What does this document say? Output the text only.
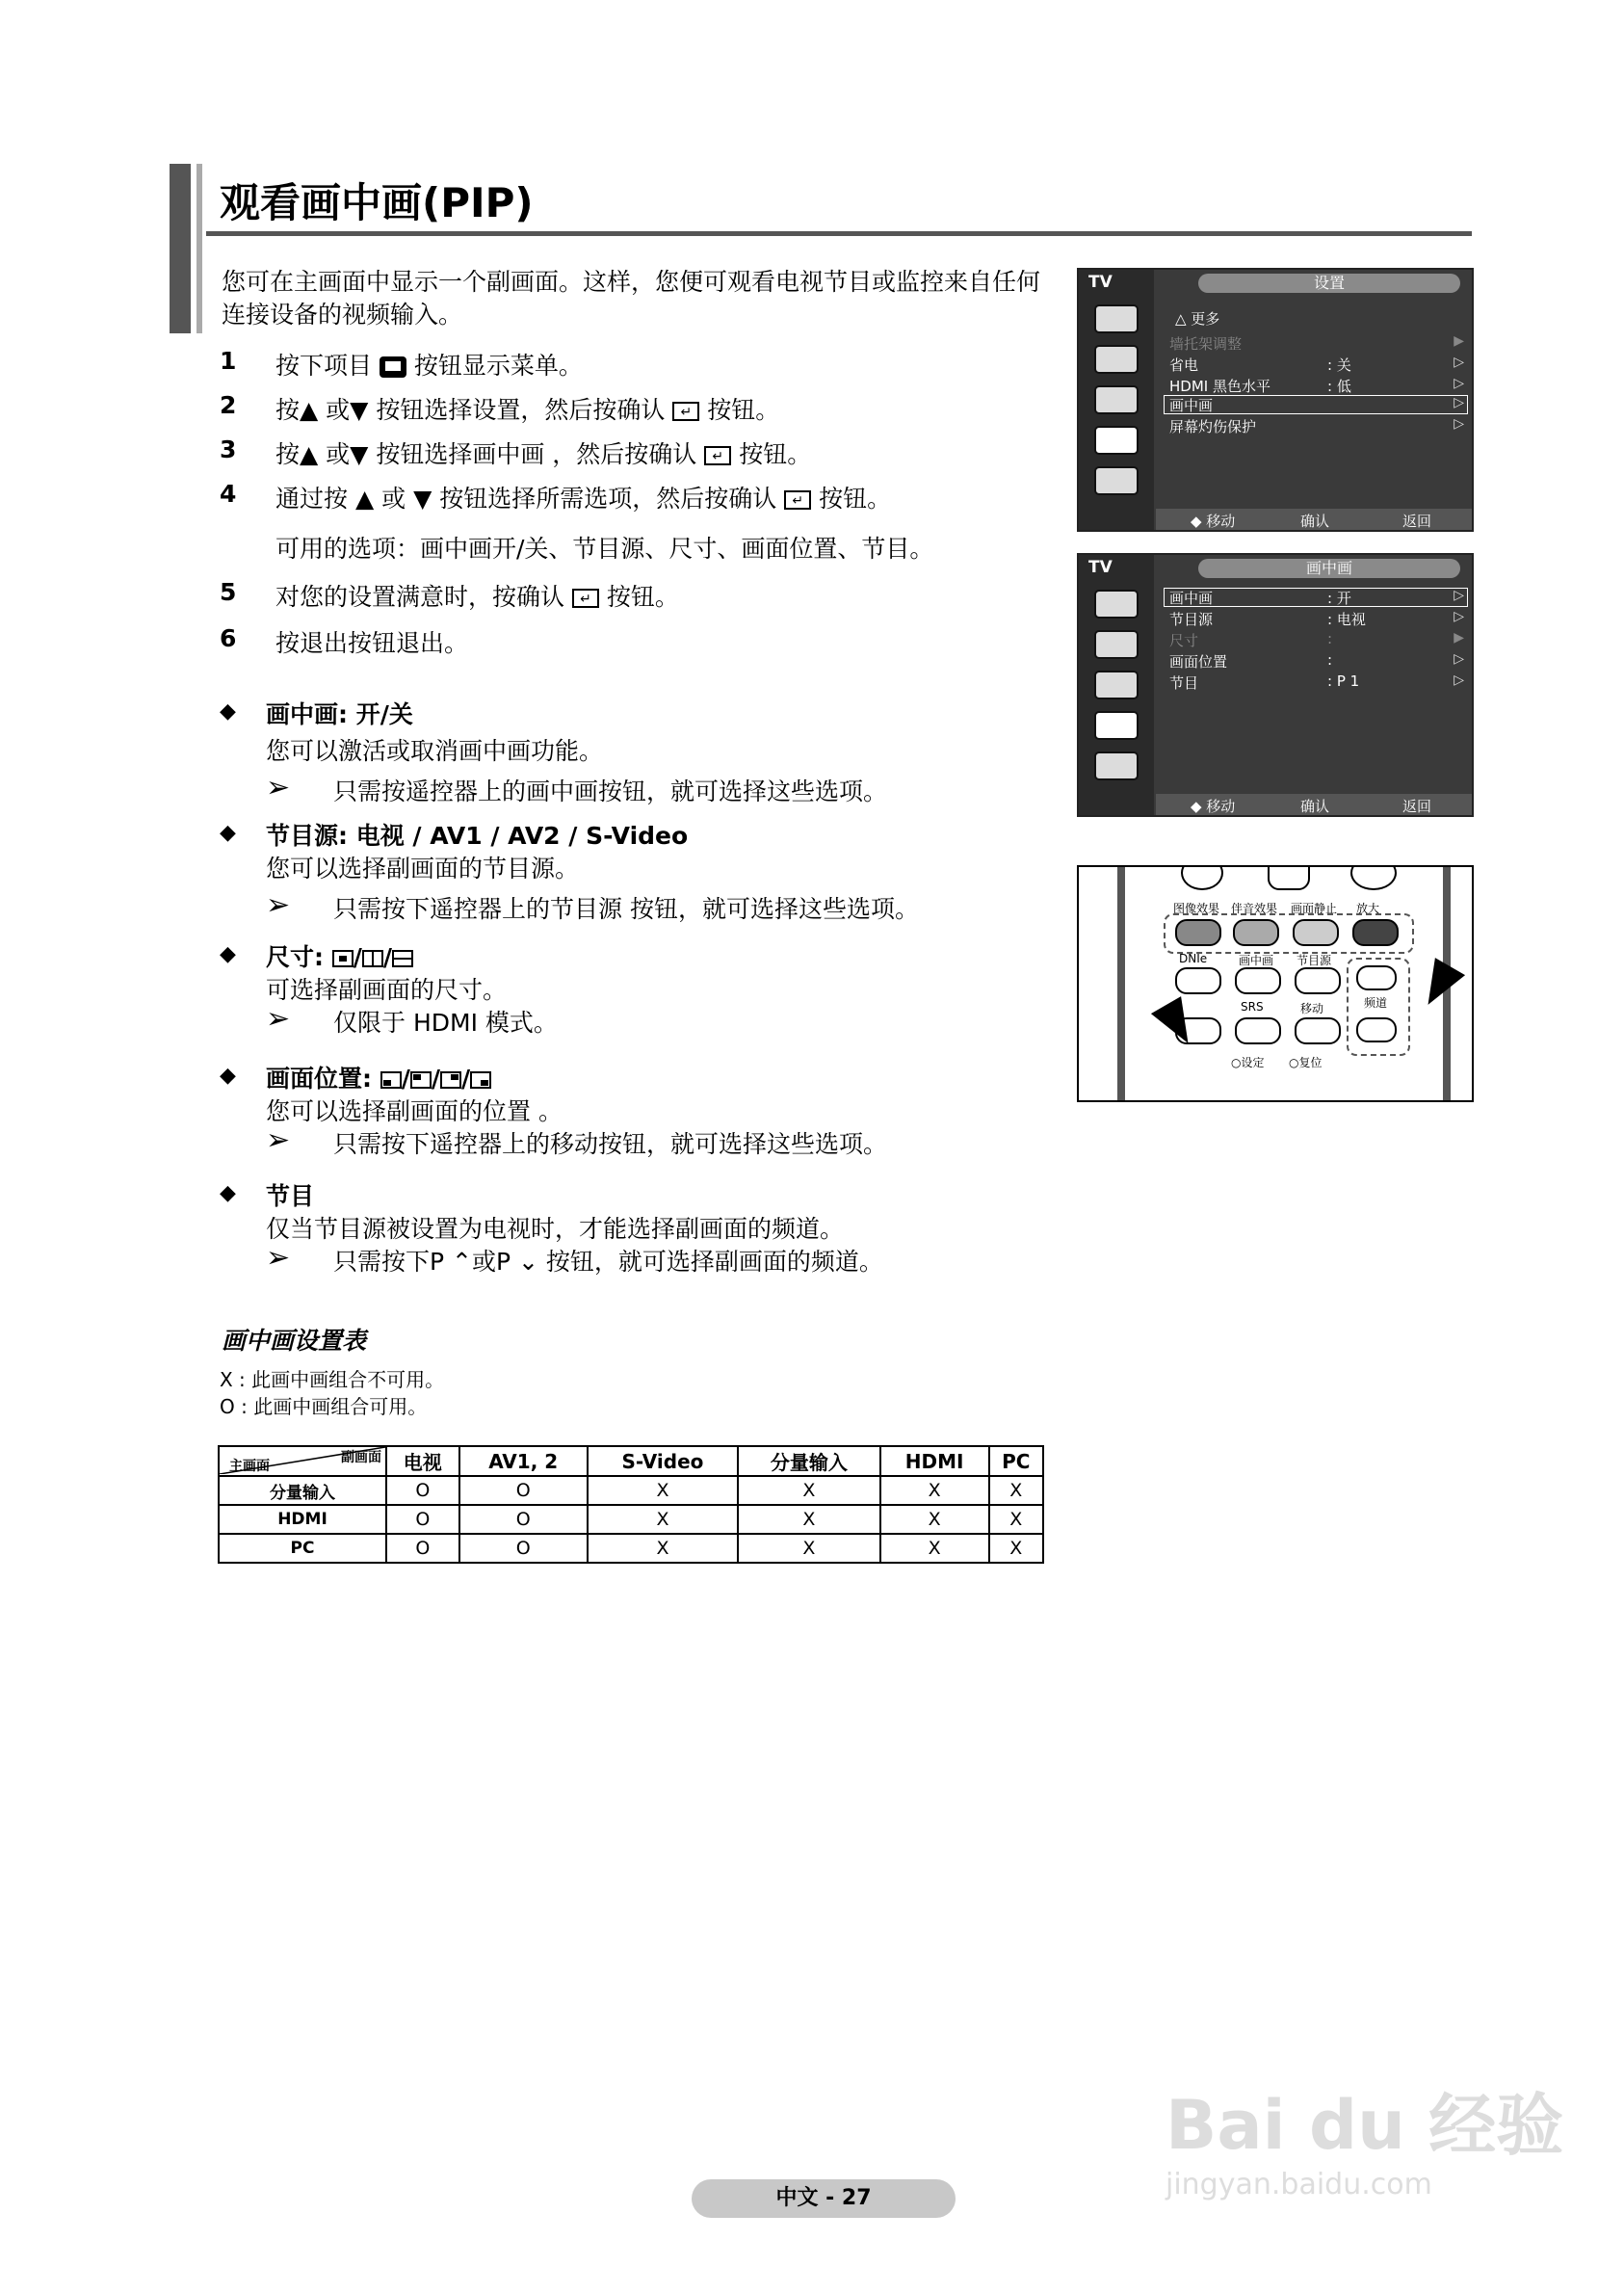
观看画中画(PIP)
您可在主画面中显示一个副画面。这样，您便可观看电视节目或监控来自任何连接设备的视频输入。
1 按下项目 按钮显示菜单。
2 按▲ 或▼ 按钮选择设置，然后按确认 ↵ 按钮。
3 按▲ 或▼ 按钮选择画中画 ，然后按确认 ↵ 按钮。
4 通过按 ▲ 或 ▼ 按钮选择所需选项，然后按确认 ↵ 按钮。
可用的选项：画中画开/关、节目源、尺寸、画面位置、节目。
5 对您的设置满意时，按确认 ↵ 按钮。
6 按退出按钮退出。
◆ 画中画: 开/关
您可以激活或取消画中画功能。
➢ 只需按遥控器上的画中画按钮，就可选择这些选项。
◆ 节目源: 电视 / AV1 / AV2 / S-Video
您可以选择副画面的节目源。
➢ 只需按下遥控器上的节目源 按钮，就可选择这些选项。
◆ 尺寸: / /
可选择副画面的尺寸。
➢ 仅限于 HDMI 模式。
◆ 画面位置: / / /
您可以选择副画面的位置 。
➢ 只需按下遥控器上的移动按钮，就可选择这些选项。
◆ 节目
仅当节目源被设置为电视时，才能选择副画面的频道。
➢ 只需按下P ⌃或P ⌄ 按钮，就可选择副画面的频道。
画中画设置表
X : 此画中画组合不可用。
O : 此画中画组合可用。
主画面
副画面	电视	AV1, 2	S-Video	分量输入	HDMI	PC
分量输入	O	O	X	X	X	X
HDMI	O	O	X	X	X	X
PC	O	O	X	X	X	X
TV	设置
△ 更多
墙托架调整	▶
省电	: 关	▷
HDMI 黑色水平	: 低	▷
画中画	▷
屏幕灼伤保护	▷
◆ 移动	确认	返回
TV	画中画
画中画	: 开	▷
节目源	: 电视	▷
尺寸	:	▶
画面位置	:	▷
节目	: P 1	▷
◆ 移动	确认	返回
图像效果 伴音效果 画面静止 放大
DNIe	画中画 节目源
频道
SRS	移动
○设定 ○复位
中文 - 27
Bai du 经验
jingyan.baidu.com
